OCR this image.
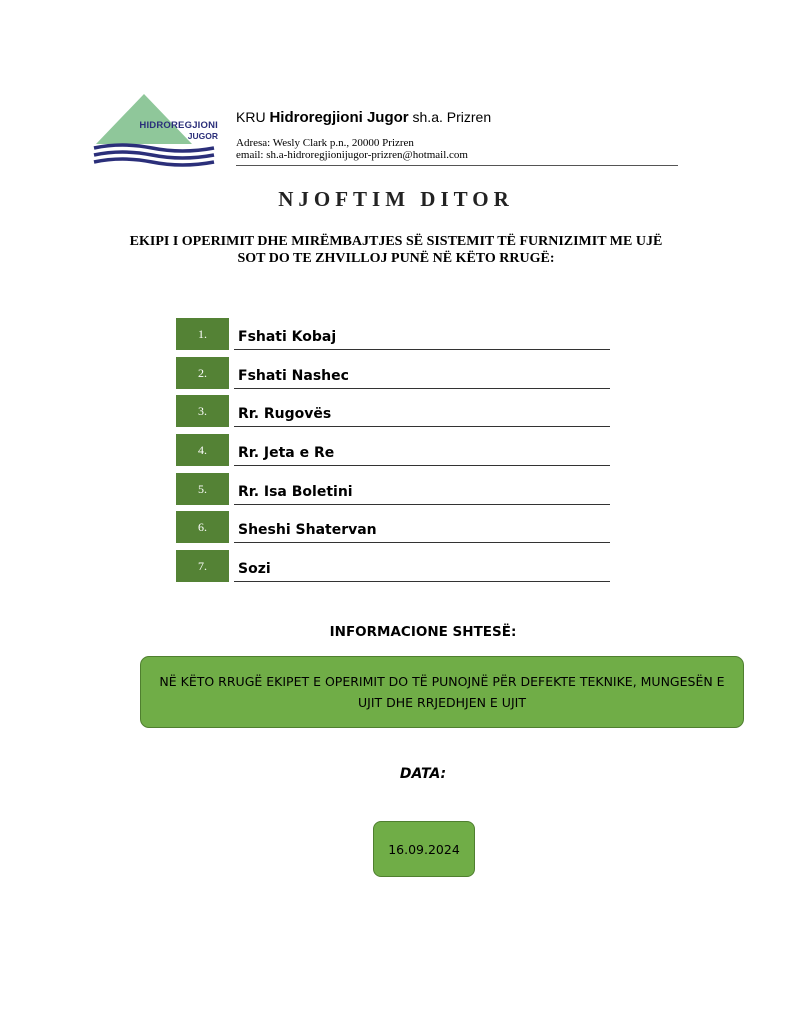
HIDROREGJIONI
JUGOR
KRU Hidroregjioni Jugor sh.a. Prizren
Adresa: Wesly Clark p.n., 20000 Prizren
email: sh.a-hidroregjionijugor-prizren@hotmail.com
NJOFTIM DITOR
EKIPI I OPERIMIT DHE MIRËMBAJTJES SË SISTEMIT TË FURNIZIMIT ME UJË
SOT DO TE ZHVILLOJ PUNË NË KËTO RRUGË:
1.	Fshati Kobaj
2.	Fshati Nashec
3.	Rr. Rugovës
4.	Rr. Jeta e Re
5.	Rr. Isa Boletini
6.	Sheshi Shatervan
7.	Sozi
INFORMACIONE SHTESË:
NË KËTO RRUGË EKIPET E OPERIMIT DO TË PUNOJNË PËR DEFEKTE TEKNIKE, MUNGESËN E UJIT DHE RRJEDHJEN E UJIT
DATA:
16.09.2024
